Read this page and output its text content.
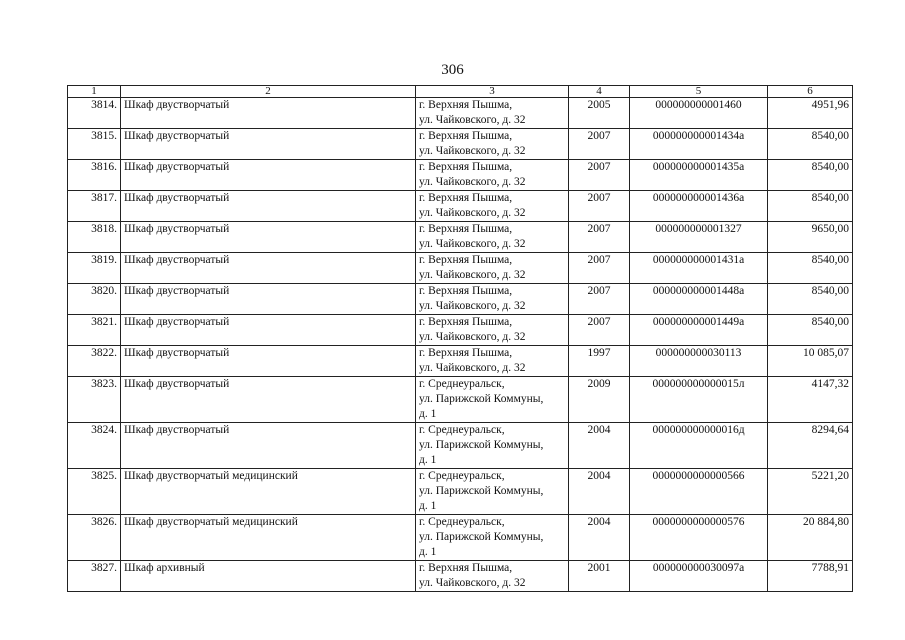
306
1	2	3	4	5	6
3814.	Шкаф двустворчатый	г. Верхняя Пышма,
ул. Чайковского, д. 32	2005	000000000001460	4951,96
3815.	Шкаф двустворчатый	г. Верхняя Пышма,
ул. Чайковского, д. 32	2007	000000000001434а	8540,00
3816.	Шкаф двустворчатый	г. Верхняя Пышма,
ул. Чайковского, д. 32	2007	000000000001435а	8540,00
3817.	Шкаф двустворчатый	г. Верхняя Пышма,
ул. Чайковского, д. 32	2007	000000000001436а	8540,00
3818.	Шкаф двустворчатый	г. Верхняя Пышма,
ул. Чайковского, д. 32	2007	000000000001327	9650,00
3819.	Шкаф двустворчатый	г. Верхняя Пышма,
ул. Чайковского, д. 32	2007	000000000001431а	8540,00
3820.	Шкаф двустворчатый	г. Верхняя Пышма,
ул. Чайковского, д. 32	2007	000000000001448а	8540,00
3821.	Шкаф двустворчатый	г. Верхняя Пышма,
ул. Чайковского, д. 32	2007	000000000001449а	8540,00
3822.	Шкаф двустворчатый	г. Верхняя Пышма,
ул. Чайковского, д. 32	1997	000000000030113	10 085,07
3823.	Шкаф двустворчатый	г. Среднеуральск,
ул. Парижской Коммуны,
д. 1	2009	000000000000015л	4147,32
3824.	Шкаф двустворчатый	г. Среднеуральск,
ул. Парижской Коммуны,
д. 1	2004	000000000000016д	8294,64
3825.	Шкаф двустворчатый медицинский	г. Среднеуральск,
ул. Парижской Коммуны,
д. 1	2004	0000000000000566	5221,20
3826.	Шкаф двустворчатый медицинский	г. Среднеуральск,
ул. Парижской Коммуны,
д. 1	2004	0000000000000576	20 884,80
3827.	Шкаф архивный	г. Верхняя Пышма,
ул. Чайковского, д. 32	2001	000000000030097а	7788,91
